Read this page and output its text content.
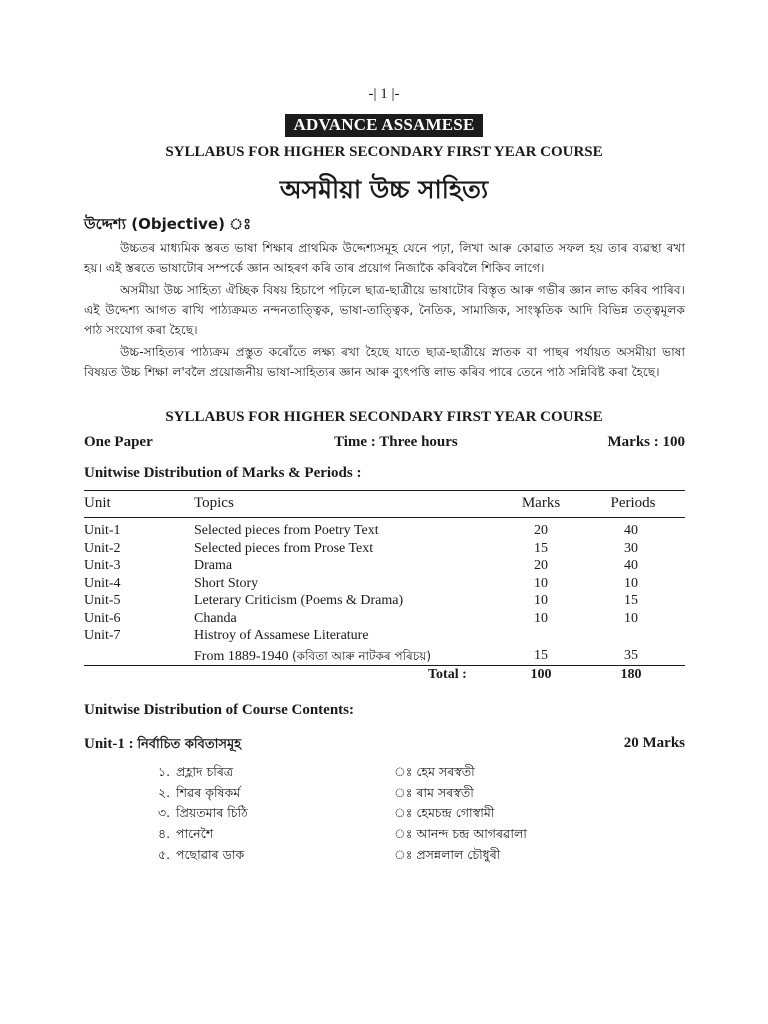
-| 1 |-
ADVANCE ASSAMESE
SYLLABUS FOR HIGHER SECONDARY FIRST YEAR COURSE
অসমীয়া উচ্চ সাহিত্য
উদ্দেশ্য (Objective) ঃ
উচ্চতৰ মাধ্যমিক স্তৰত ভাষা শিক্ষাৰ প্ৰাথমিক উদ্দেশ্যসমূহ যেনে পঢ়া, লিখা আৰু কোৱাত সফল হয় তাৰ ব্যৱস্থা ৰখা হয়। এই স্তৰতে ভাষাটোৰ সম্পৰ্কে জ্ঞান আহৰণ কৰি তাৰ প্ৰয়োগ নিজাকৈ কৰিবলৈ শিকিব লাগে।
অসমীয়া উচ্চ সাহিত্য ঐচ্ছিক বিষয় হিচাপে পঢ়িলে ছাত্ৰ-ছাত্ৰীয়ে ভাষাটোৰ বিস্তৃত আৰু গভীৰ জ্ঞান লাভ কৰিব পাৰিব। এই উদ্দেশ্য আগত ৰাখি পাঠ্যক্ৰমত নন্দনতাত্ত্বিক, ভাষা-তাত্ত্বিক, নৈতিক, সামাজিক, সাংস্কৃতিক আদি বিভিন্ন তত্ত্বমূলক পাঠ সংযোগ কৰা হৈছে।
উচ্চ-সাহিত্যৰ পাঠ্যক্ৰম প্ৰস্তুত কৰোঁতে লক্ষ্য ৰখা হৈছে যাতে ছাত্ৰ-ছাত্ৰীয়ে স্নাতক বা পাছৰ পৰ্যায়ত অসমীয়া ভাষা বিষয়ত উচ্চ শিক্ষা ল'বলৈ প্ৰয়োজনীয় ভাষা-সাহিত্যৰ জ্ঞান আৰু ব্যুৎপত্তি লাভ কৰিব পাৰে তেনে পাঠ সন্নিবিষ্ট কৰা হৈছে।
SYLLABUS FOR HIGHER SECONDARY FIRST YEAR COURSE
One Paper	Time : Three hours	Marks : 100
Unitwise Distribution of Marks & Periods :
Unit	Topics	Marks	Periods
Unit-1	Selected pieces from Poetry Text	20	40
Unit-2	Selected pieces from Prose Text	15	30
Unit-3	Drama	20	40
Unit-4	Short Story	10	10
Unit-5	Leterary Criticism (Poems & Drama)	10	15
Unit-6	Chanda	10	10
Unit-7	Histroy of Assamese Literature
From 1889-1940 (কবিতা আৰু নাটকৰ পৰিচয়)	15	35
Total :	100	180
Unitwise Distribution of Course Contents:
Unit-1 : নিৰ্বাচিত কবিতাসমূহ	20 Marks
১. প্ৰহ্লাদ চৰিত্ৰ	ঃ হেম সৰস্বতী
২. শিৱৰ কৃষিকৰ্ম	ঃ ৰাম সৰস্বতী
৩. প্ৰিয়তমাৰ চিঠি	ঃ হেমচন্দ্ৰ গোস্বামী
৪. পানেশৈ	ঃ আনন্দ চন্দ্ৰ আগৰৱালা
৫. পছোৱাৰ ডাক	ঃ প্ৰসন্নলাল চৌধুৰী
